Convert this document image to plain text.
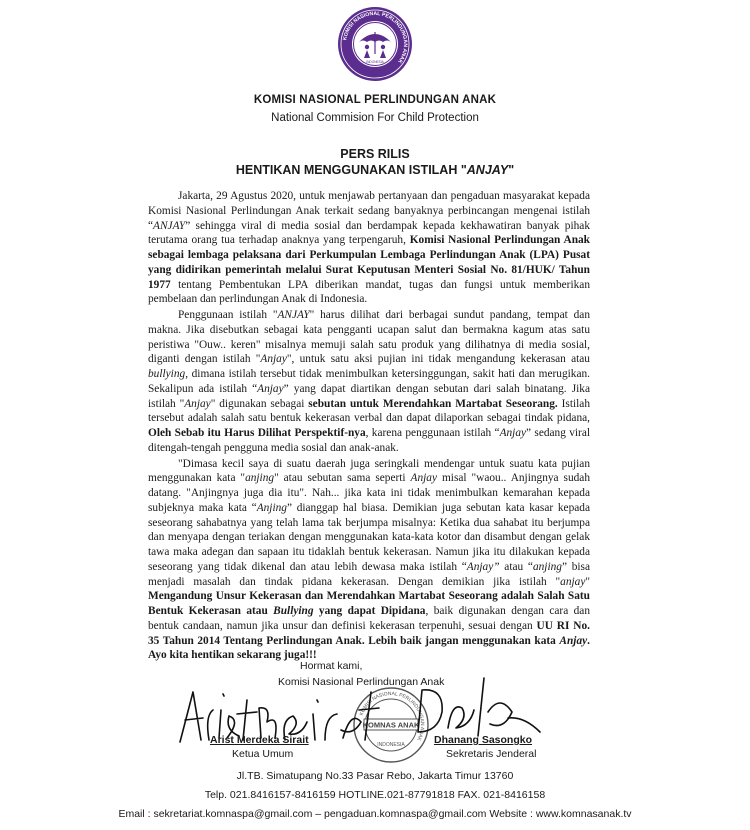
KOMISI NASIONAL PERLINDUNGAN ANAK
INDONESIA
KOMISI NASIONAL PERLINDUNGAN ANAK
National Commision For Child Protection
PERS RILIS
HENTIKAN MENGGUNAKAN ISTILAH "ANJAY"

Jakarta, 29 Agustus 2020, untuk menjawab pertanyaan dan pengaduan masyarakat kepada Komisi Nasional Perlindungan Anak terkait sedang banyaknya perbincangan mengenai istilah “ANJAY” sehingga viral di media sosial dan berdampak kepada kekhawatiran banyak pihak terutama orang tua terhadap anaknya yang terpengaruh, Komisi Nasional Perlindungan Anak sebagai lembaga pelaksana dari Perkumpulan Lembaga Perlindungan Anak (LPA) Pusat yang didirikan pemerintah melalui Surat Keputusan Menteri Sosial No. 81/HUK/ Tahun 1977 tentang Pembentukan LPA diberikan mandat, tugas dan fungsi untuk memberikan pembelaan dan perlindungan Anak di Indonesia.

Penggunaan istilah "ANJAY" harus dilihat dari berbagai sundut pandang, tempat dan makna. Jika disebutkan sebagai kata pengganti ucapan salut dan bermakna kagum atas satu peristiwa "Ouw.. keren" misalnya memuji salah satu produk yang dilihatnya di media sosial, diganti dengan istilah "Anjay", untuk satu aksi pujian ini tidak mengandung kekerasan atau bullying, dimana istilah tersebut tidak menimbulkan ketersinggungan, sakit hati dan merugikan. Sekalipun ada istilah “Anjay” yang dapat diartikan dengan sebutan dari salah binatang. Jika istilah "Anjay" digunakan sebagai sebutan untuk Merendahkan Martabat Seseorang. Istilah tersebut adalah salah satu bentuk kekerasan verbal dan dapat dilaporkan sebagai tindak pidana, Oleh Sebab itu Harus Dilihat Perspektif-nya, karena penggunaan istilah “Anjay” sedang viral ditengah-tengah pengguna media sosial dan anak-anak.

"Dimasa kecil saya di suatu daerah juga seringkali mendengar untuk suatu kata pujian menggunakan kata "anjing" atau sebutan sama seperti Anjay misal "waou.. Anjingnya sudah datang. "Anjingnya juga dia itu". Nah... jika kata ini tidak menimbulkan kemarahan kepada subjeknya maka kata “Anjing” dianggap hal biasa. Demikian juga sebutan kata kasar kepada seseorang sahabatnya yang telah lama tak berjumpa misalnya: Ketika dua sahabat itu berjumpa dan menyapa dengan teriakan dengan menggunakan kata-kata kotor dan disambut dengan gelak tawa maka adegan dan sapaan itu tidaklah bentuk kekerasan. Namun jika itu dilakukan kepada seseorang yang tidak dikenal dan atau lebih dewasa maka istilah “Anjay” atau “anjing” bisa menjadi masalah dan tindak pidana kekerasan. Dengan demikian jika istilah "anjay" Mengandung Unsur Kekerasan dan Merendahkan Martabat Seseorang adalah Salah Satu Bentuk Kekerasan atau Bullying yang dapat Dipidana, baik digunakan dengan cara dan bentuk candaan, namun jika unsur dan definisi kekerasan terpenuhi, sesuai dengan UU RI No. 35 Tahun 2014 Tentang Perlindungan Anak. Lebih baik jangan menggunakan kata Anjay. Ayo kita hentikan sekarang juga!!!

Hormat kami,
Komisi Nasional Perlindungan Anak
KOMISI NASIONAL PERLINDUNGAN ANAK
KOMNAS ANAK
INDONESIA
Arist Merdeka Sirait
Ketua Umum
Dhanang Sasongko
Sekretaris Jenderal
Jl.TB. Simatupang No.33 Pasar Rebo, Jakarta Timur 13760
Telp. 021.8416157-8416159 HOTLINE.021-87791818 FAX. 021-8416158
Email : sekretariat.komnaspa@gmail.com – pengaduan.komnaspa@gmail.com Website : www.komnasanak.tv
